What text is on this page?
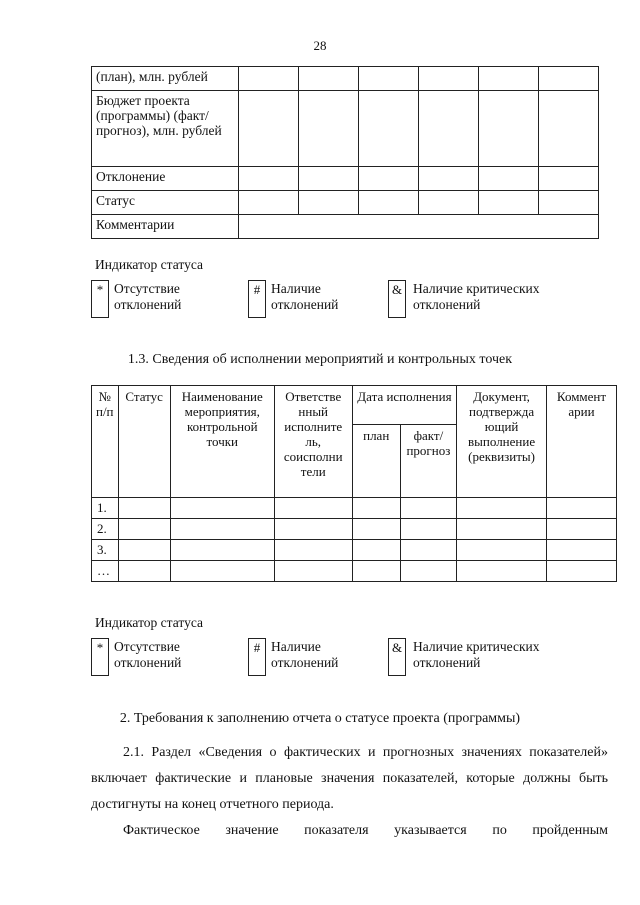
28
(план), млн. рублей						
Бюджет проекта (программы) (факт/прогноз), млн. рублей						
Отклонение						
Статус						
Комментарии						
Индикатор статуса
* Отсутствие отклонений
# Наличие отклонений
& Наличие критических отклонений
1.3. Сведения об исполнении мероприятий и контрольных точек
№ п/п	Статус	Наименование мероприятия, контрольной точки	Ответстве нный исполните ль, соисполни тели	Дата исполнения		Документ, подтвержда ющий выполнение (реквизиты)	Коммент арии
				план	факт/ прогноз		
1.							
2.							
3.							
…							
Индикатор статуса
* Отсутствие отклонений
# Наличие отклонений
& Наличие критических отклонений
2. Требования к заполнению отчета о статусе проекта (программы)
2.1. Раздел «Сведения о фактических и прогнозных значениях показателей» включает фактические и плановые значения показателей, которые должны быть достигнуты на конец отчетного периода.
Фактическое значение показателя указывается по пройденным
